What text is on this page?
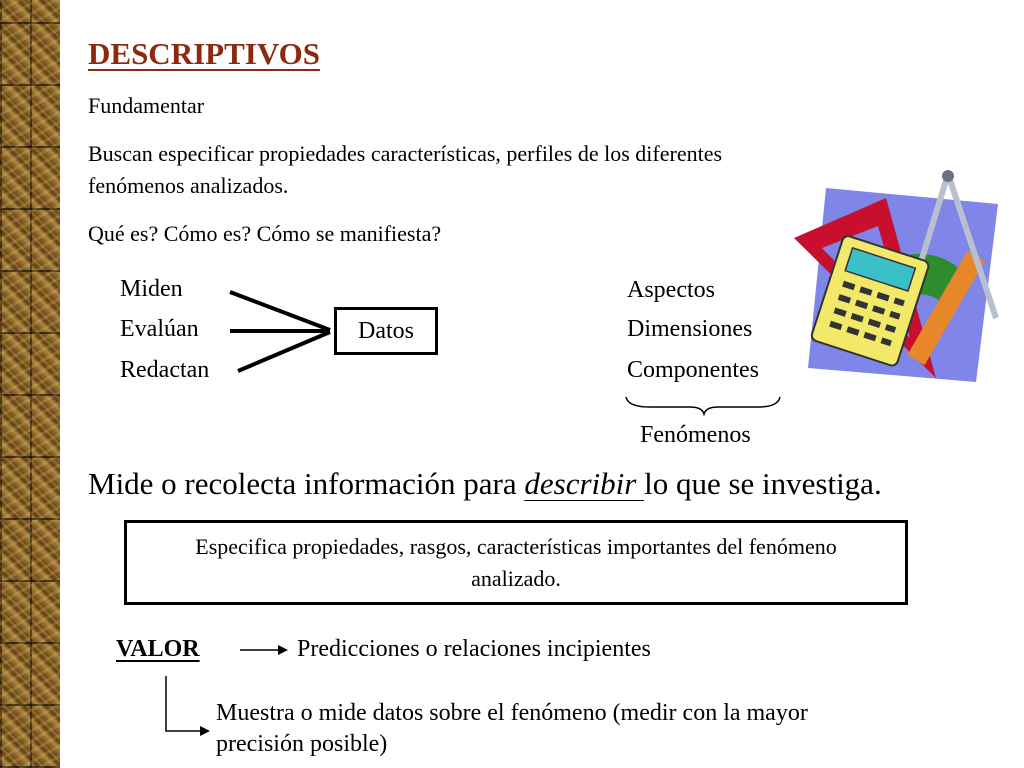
DESCRIPTIVOS
Fundamentar
Buscan especificar propiedades características, perfiles de los diferentes
fenómenos analizados.
Qué es? Cómo es? Cómo se manifiesta?
Miden
Evalúan
Redactan
Datos
Aspectos
Dimensiones
Componentes
Fenómenos
Mide o recolecta información para describir lo que se investiga.
Especifica propiedades, rasgos, características importantes del fenómeno analizado.
VALOR	Predicciones o relaciones incipientes
Muestra o mide datos sobre el fenómeno (medir con la mayor
precisión posible)
